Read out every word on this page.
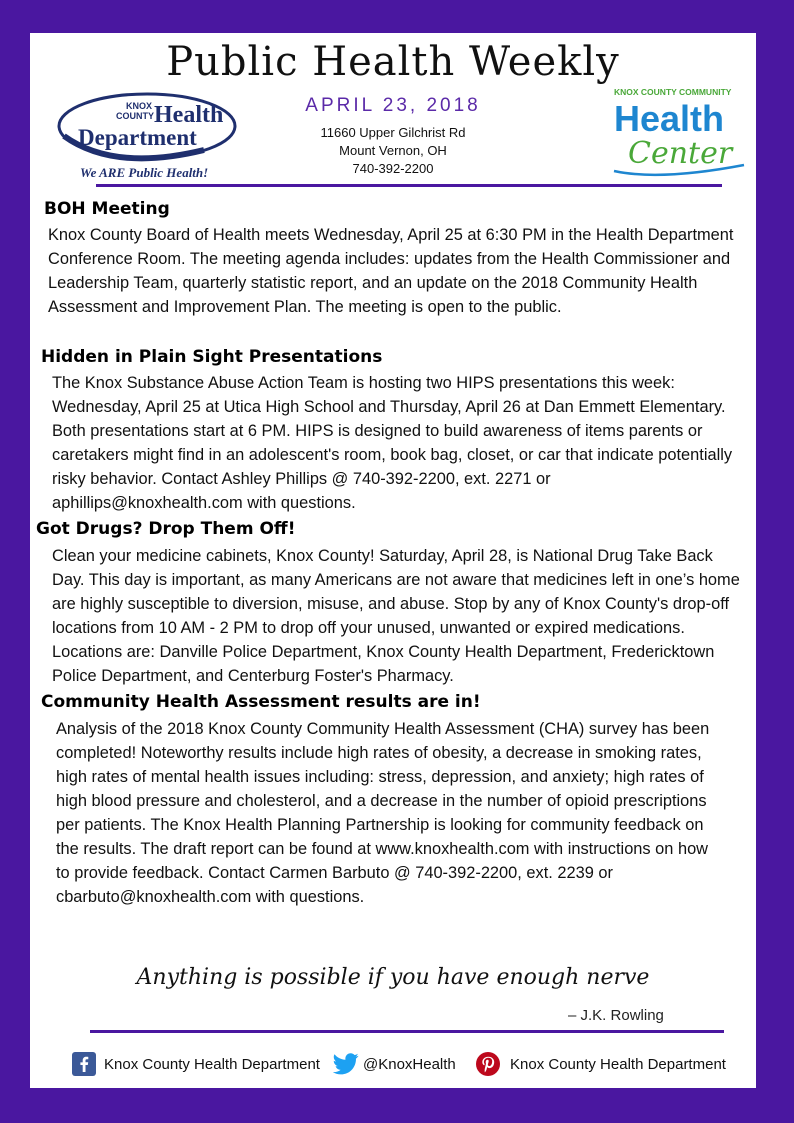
Public Health Weekly
KNOX
COUNTY Health
Department
We ARE Public Health!
APRIL 23, 2018
11660 Upper Gilchrist Rd
Mount Vernon, OH
740-392-2200
KNOX COUNTY COMMUNITY
Health
Center
BOH Meeting
Knox County Board of Health meets Wednesday, April 25 at 6:30 PM in the Health Department Conference Room. The meeting agenda includes: updates from the Health Commissioner and Leadership Team, quarterly statistic report, and an update on the 2018 Community Health Assessment and Improvement Plan. The meeting is open to the public.
Hidden in Plain Sight Presentations
The Knox Substance Abuse Action Team is hosting two HIPS presentations this week: Wednesday, April 25 at Utica High School and Thursday, April 26 at Dan Emmett Elementary. Both presentations start at 6 PM. HIPS is designed to build awareness of items parents or caretakers might find in an adolescent's room, book bag, closet, or car that indicate potentially risky behavior. Contact Ashley Phillips @ 740-392-2200, ext. 2271 or aphillips@knoxhealth.com with questions.
Got Drugs? Drop Them Off!
Clean your medicine cabinets, Knox County! Saturday, April 28, is National Drug Take Back Day. This day is important, as many Americans are not aware that medicines left in one’s home are highly susceptible to diversion, misuse, and abuse. Stop by any of Knox County's drop-off locations from 10 AM - 2 PM to drop off your unused, unwanted or expired medications. Locations are: Danville Police Department, Knox County Health Department, Fredericktown Police Department, and Centerburg Foster's Pharmacy.
Community Health Assessment results are in!
Analysis of the 2018 Knox County Community Health Assessment (CHA) survey has been completed! Noteworthy results include high rates of obesity, a decrease in smoking rates, high rates of mental health issues including: stress, depression, and anxiety; high rates of high blood pressure and cholesterol, and a decrease in the number of opioid prescriptions per patients. The Knox Health Planning Partnership is looking for community feedback on the results. The draft report can be found at www.knoxhealth.com with instructions on how to provide feedback. Contact Carmen Barbuto @ 740-392-2200, ext. 2239 or cbarbuto@knoxhealth.com with questions.
Anything is possible if you have enough nerve
– J.K. Rowling
Knox County Health Department	@KnoxHealth	Knox County Health Department
